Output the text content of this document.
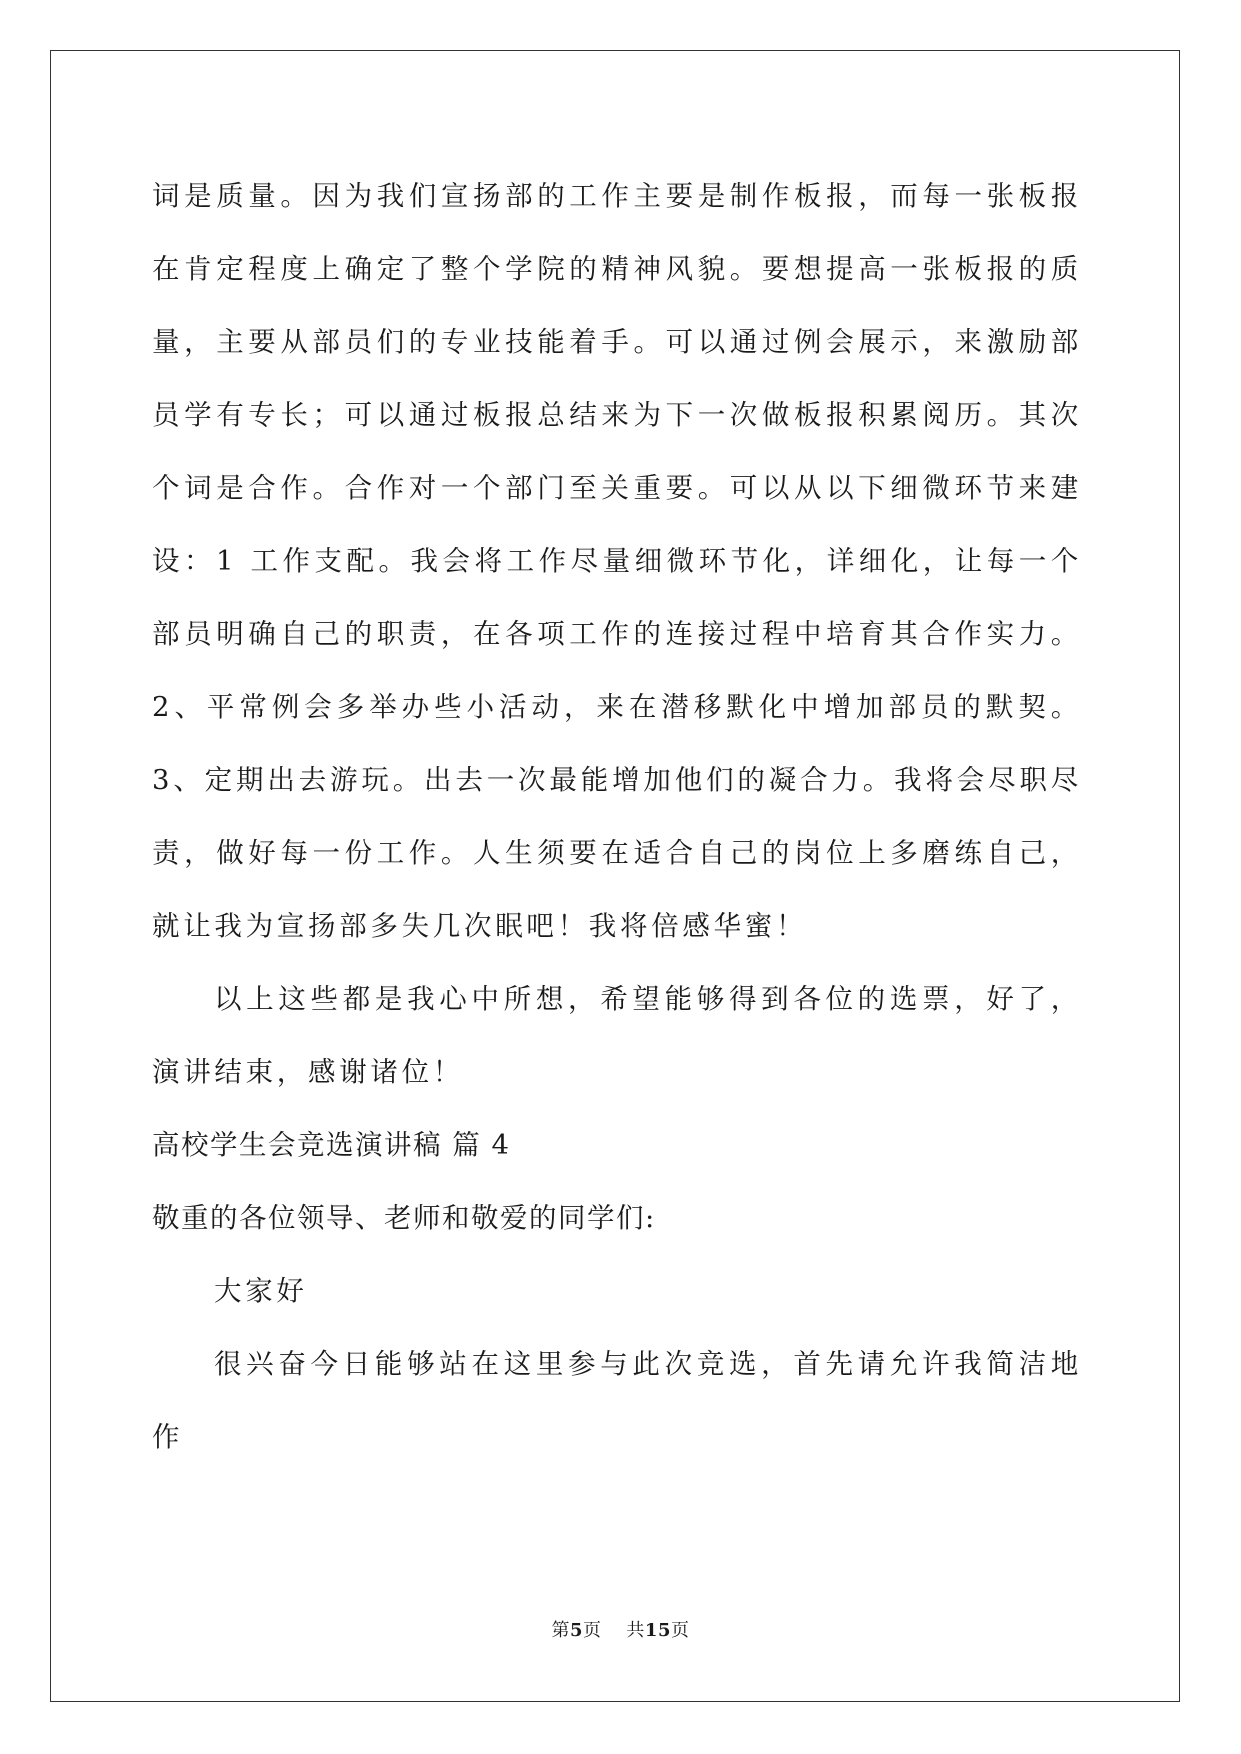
词是质量。因为我们宣扬部的工作主要是制作板报，而每一张板报在肯定程度上确定了整个学院的精神风貌。要想提高一张板报的质量，主要从部员们的专业技能着手。可以通过例会展示，来激励部员学有专长；可以通过板报总结来为下一次做板报积累阅历。其次个词是合作。合作对一个部门至关重要。可以从以下细微环节来建设：1 工作支配。我会将工作尽量细微环节化，详细化，让每一个部员明确自己的职责，在各项工作的连接过程中培育其合作实力。2、平常例会多举办些小活动，来在潜移默化中增加部员的默契。3、定期出去游玩。出去一次最能增加他们的凝合力。我将会尽职尽责，做好每一份工作。人生须要在适合自己的岗位上多磨练自己，就让我为宣扬部多失几次眠吧！我将倍感华蜜！

以上这些都是我心中所想，希望能够得到各位的选票，好了，演讲结束，感谢诸位！

高校学生会竞选演讲稿 篇 4

敬重的各位领导、老师和敬爱的同学们:

大家好

很兴奋今日能够站在这里参与此次竞选，首先请允许我简洁地作

第5页 共15页
